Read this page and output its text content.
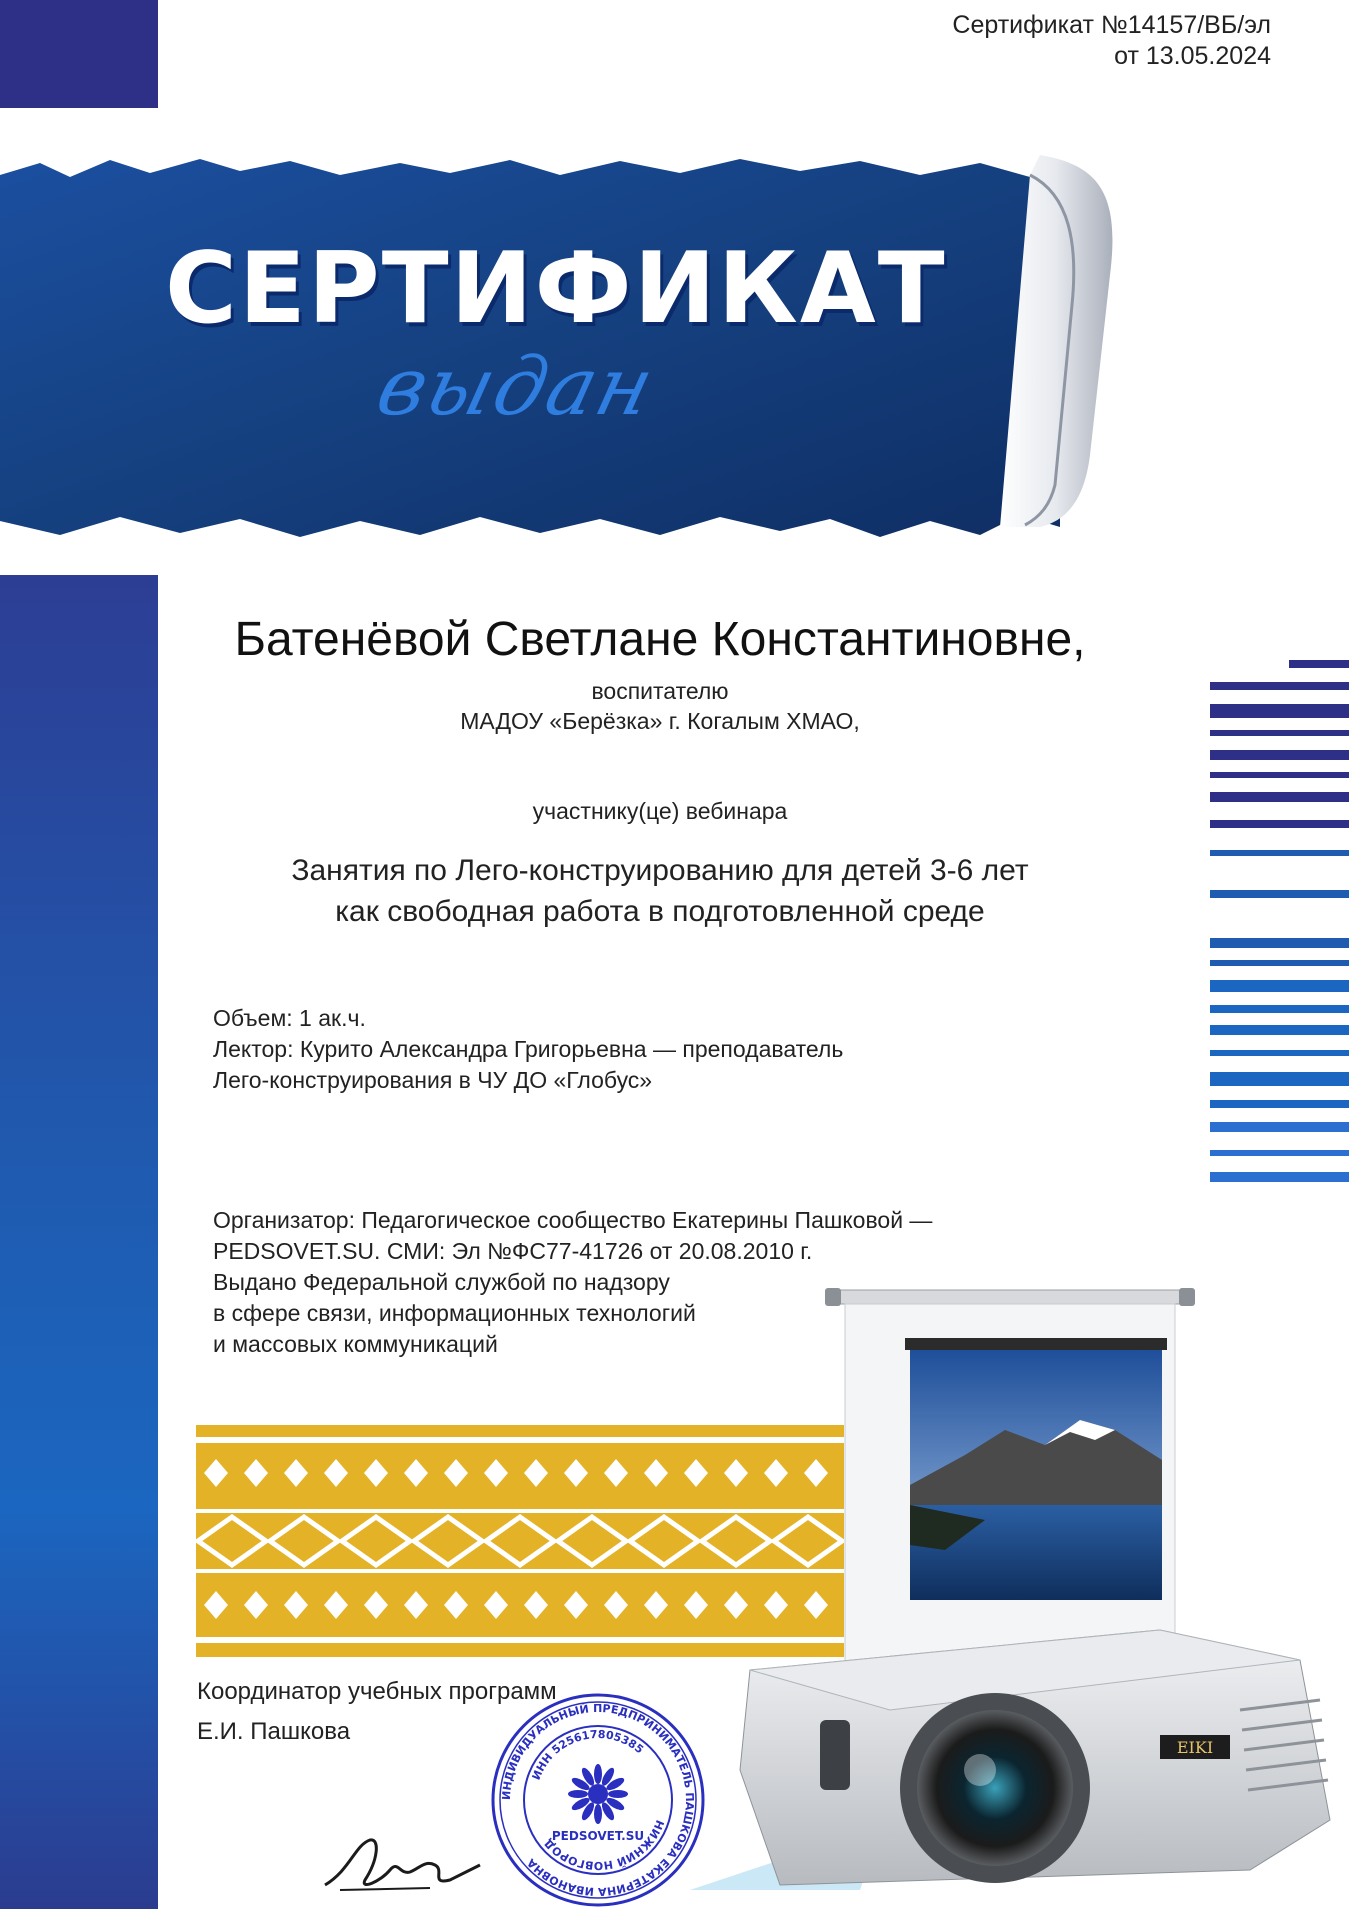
Сертификат №14157/ВБ/эл
от 13.05.2024
СЕРТИФИКАТ
выдан
Батенёвой Светлане Константиновне,
воспитателю
МАДОУ «Берёзка» г. Когалым ХМАО,
участнику(це) вебинара
Занятия по Лего-конструированию для детей 3-6 лет
как свободная работа в подготовленной среде
Объем: 1 ак.ч.
Лектор: Курито Александра Григорьевна — преподаватель
Лего-конструирования в ЧУ ДО «Глобус»
Организатор: Педагогическое сообщество Екатерины Пашковой —
PEDSOVET.SU. СМИ: Эл №ФС77-41726 от 20.08.2010 г.
Выдано Федеральной службой по надзору
в сфере связи, информационных технологий
и массовых коммуникаций
EIKI
Координатор учебных программ
Е.И. Пашкова
ИНДИВИДУАЛЬНЫЙ ПРЕДПРИНИМАТЕЛЬ ПАШКОВА ЕКАТЕРИНА ИВАНОВНА
ИНН 525617805385
НИЖНИЙ НОВГОРОД
PEDSOVET.SU
